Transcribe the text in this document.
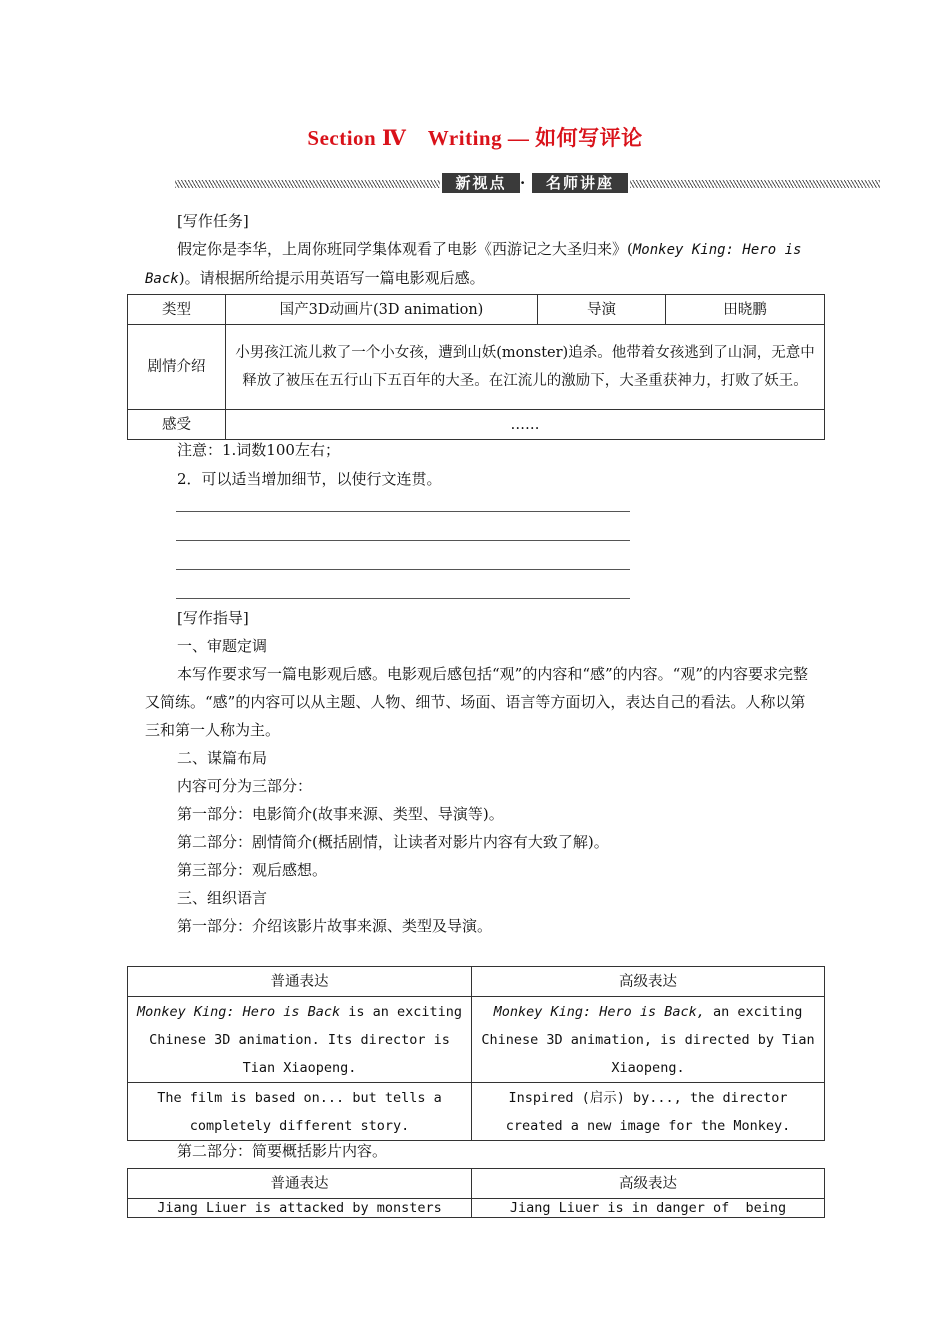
Section Ⅳ　Writing — 如何写评论
新视点 ·	名师讲座

[写作任务]

假定你是李华，上周你班同学集体观看了电影《西游记之大圣归来》(Monkey King: Hero is Back)。请根据所给提示用英语写一篇电影观后感。

类型	国产3D动画片(3D animation)	导演	田晓鹏
剧情介绍	小男孩江流儿救了一个小女孩，遭到山妖(monster)追杀。他带着女孩逃到了山洞，无意中释放了被压在五行山下五百年的大圣。在江流儿的激励下，大圣重获神力，打败了妖王。		
感受	……		

注意：1.词数100左右；

2．可以适当增加细节，以使行文连贯。

[写作指导]

一、审题定调

本写作要求写一篇电影观后感。电影观后感包括“观”的内容和“感”的内容。“观”的内容要求完整又简练。“感”的内容可以从主题、人物、细节、场面、语言等方面切入，表达自己的看法。人称以第三和第一人称为主。

二、谋篇布局

内容可分为三部分：

第一部分：电影简介(故事来源、类型、导演等)。

第二部分：剧情简介(概括剧情，让读者对影片内容有大致了解)。

第三部分：观后感想。

三、组织语言

第一部分：介绍该影片故事来源、类型及导演。

普通表达	高级表达
Monkey King: Hero is Back is an exciting Chinese 3D animation. Its director is Tian Xiaopeng.	Monkey King: Hero is Back, an exciting Chinese 3D animation, is directed by Tian Xiaopeng.
The film is based on... but tells a completely different story.	Inspired (启示) by..., the director created a new image for the Monkey.

第二部分：简要概括影片内容。

普通表达	高级表达
Jiang Liuer is attacked by monsters	Jiang Liuer is in danger of  being
